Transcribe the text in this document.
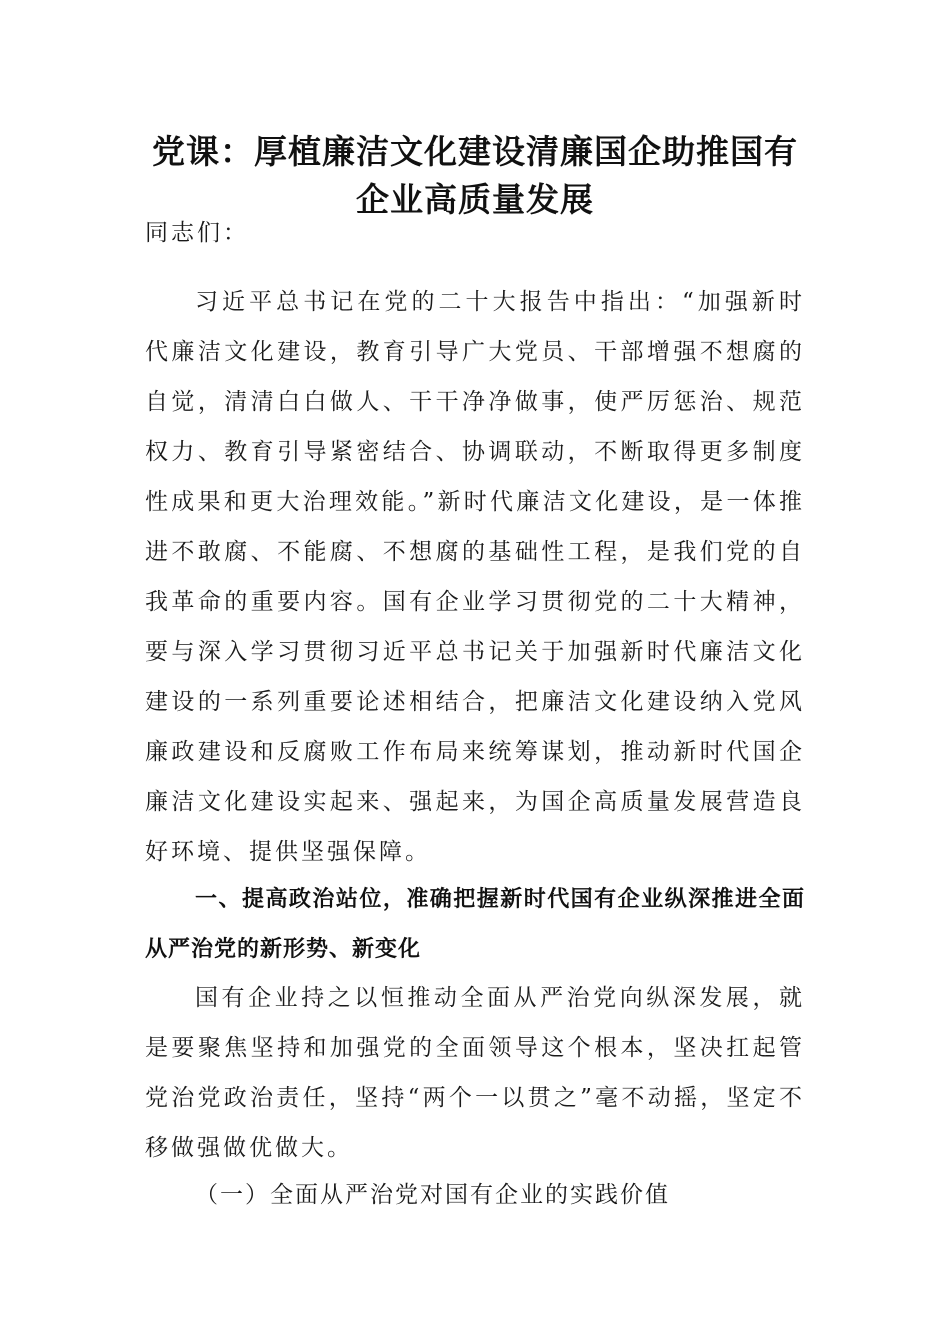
党课：厚植廉洁文化建设清廉国企助推国有企业高质量发展

同志们：

习近平总书记在党的二十大报告中指出：“加强新时代廉洁文化建设，教育引导广大党员、干部增强不想腐的自觉，清清白白做人、干干净净做事，使严厉惩治、规范权力、教育引导紧密结合、协调联动，不断取得更多制度性成果和更大治理效能。”新时代廉洁文化建设，是一体推进不敢腐、不能腐、不想腐的基础性工程，是我们党的自我革命的重要内容。国有企业学习贯彻党的二十大精神，要与深入学习贯彻习近平总书记关于加强新时代廉洁文化建设的一系列重要论述相结合，把廉洁文化建设纳入党风廉政建设和反腐败工作布局来统筹谋划，推动新时代国企廉洁文化建设实起来、强起来，为国企高质量发展营造良好环境、提供坚强保障。

一、提高政治站位，准确把握新时代国有企业纵深推进全面从严治党的新形势、新变化

国有企业持之以恒推动全面从严治党向纵深发展，就是要聚焦坚持和加强党的全面领导这个根本，坚决扛起管党治党政治责任，坚持“两个一以贯之”毫不动摇，坚定不移做强做优做大。

（一）全面从严治党对国有企业的实践价值
